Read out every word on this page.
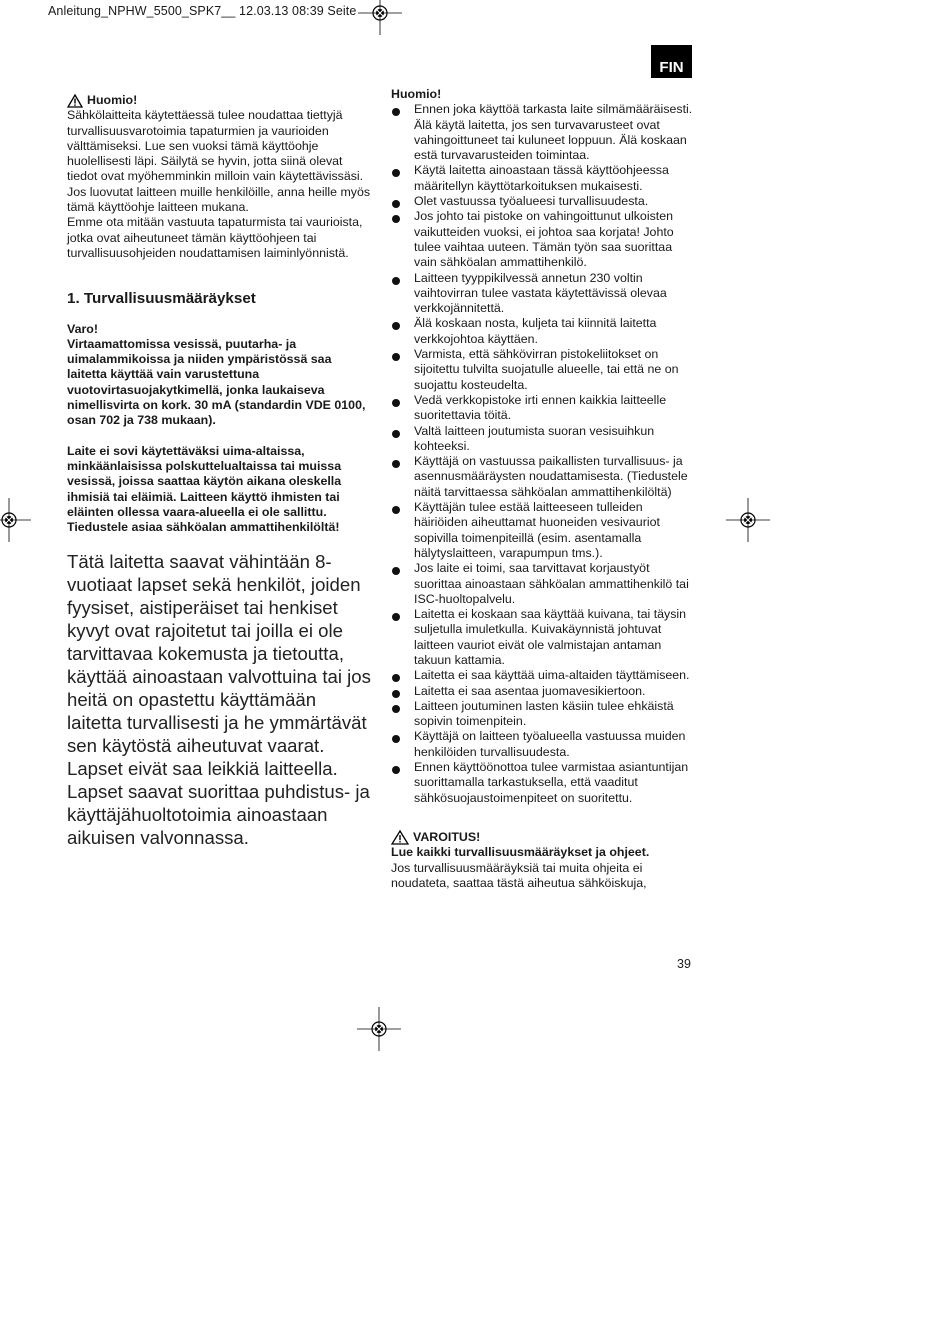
Anleitung_NPHW_5500_SPK7__ 12.03.13 08:39 Seite
FIN
Huomio!

Sähkölaitteita käytettäessä tulee noudattaa tiettyjä turvallisuusvarotoimia tapaturmien ja vaurioiden välttämiseksi. Lue sen vuoksi tämä käyttöohje huolellisesti läpi. Säilytä se hyvin, jotta siinä olevat tiedot ovat myöhemminkin milloin vain käytettävissäsi. Jos luovutat laitteen muille henkilöille, anna heille myös tämä käyttöohje laitteen mukana.

Emme ota mitään vastuuta tapaturmista tai vaurioista, jotka ovat aiheutuneet tämän käyttöohjeen tai turvallisuusohjeiden noudattamisen laiminlyönnistä.

1. Turvallisuusmääräykset

Varo!

Virtaamattomissa vesissä, puutarha- ja uimalammikoissa ja niiden ympäristössä saa laitetta käyttää vain varustettuna vuotovirtasuojakytkimellä, jonka laukaiseva nimellisvirta on kork. 30 mA (standardin VDE 0100, osan 702 ja 738 mukaan).

Laite ei sovi käytettäväksi uima-altaissa, minkäänlaisissa polskuttelualtaissa tai muissa vesissä, joissa saattaa käytön aikana oleskella ihmisiä tai eläimiä. Laitteen käyttö ihmisten tai eläinten ollessa vaara-alueella ei ole sallittu. Tiedustele asiaa sähköalan ammattihenkilöltä!

Tätä laitetta saavat vähintään 8-vuotiaat lapset sekä henkilöt, joiden fyysiset, aistiperäiset tai henkiset kyvyt ovat rajoitetut tai joilla ei ole tarvittavaa kokemusta ja tietoutta, käyttää ainoastaan valvottuina tai jos heitä on opastettu käyttämään laitetta turvallisesti ja he ymmärtävät sen käytöstä aiheutuvat vaarat. Lapset eivät saa leikkiä laitteella. Lapset saavat suorittaa puhdistus- ja käyttäjähuoltotoimia ainoastaan aikuisen valvonnassa.

Huomio!

Ennen joka käyttöä tarkasta laite silmämääräisesti. Älä käytä laitetta, jos sen turvavarusteet ovat vahingoittuneet tai kuluneet loppuun. Älä koskaan estä turvavarusteiden toimintaa.
Käytä laitetta ainoastaan tässä käyttöohjeessa määritellyn käyttötarkoituksen mukaisesti.
Olet vastuussa työalueesi turvallisuudesta.
Jos johto tai pistoke on vahingoittunut ulkoisten vaikutteiden vuoksi, ei johtoa saa korjata! Johto tulee vaihtaa uuteen. Tämän työn saa suorittaa vain sähköalan ammattihenkilö.
Laitteen tyyppikilvessä annetun 230 voltin vaihtovirran tulee vastata käytettävissä olevaa verkkojännitettä.
Älä koskaan nosta, kuljeta tai kiinnitä laitetta verkkojohtoa käyttäen.
Varmista, että sähkövirran pistokeliitokset on sijoitettu tulvilta suojatulle alueelle, tai että ne on suojattu kosteudelta.
Vedä verkkopistoke irti ennen kaikkia laitteelle suoritettavia töitä.
Valtä laitteen joutumista suoran vesisuihkun kohteeksi.
Käyttäjä on vastuussa paikallisten turvallisuus- ja asennusmääräysten noudattamisesta. (Tiedustele näitä tarvittaessa sähköalan ammattihenkilöltä)
Käyttäjän tulee estää laitteeseen tulleiden häiriöiden aiheuttamat huoneiden vesivauriot sopivilla toimenpiteillä (esim. asentamalla hälytyslaitteen, varapumpun tms.).
Jos laite ei toimi, saa tarvittavat korjaustyöt suorittaa ainoastaan sähköalan ammattihenkilö tai ISC-huoltopalvelu.
Laitetta ei koskaan saa käyttää kuivana, tai täysin suljetulla imuletkulla. Kuivakäynnistä johtuvat laitteen vauriot eivät ole valmistajan antaman takuun kattamia.
Laitetta ei saa käyttää uima-altaiden täyttämiseen.
Laitetta ei saa asentaa juomavesikiertoon.
Laitteen joutuminen lasten käsiin tulee ehkäistä sopivin toimenpitein.
Käyttäjä on laitteen työalueella vastuussa muiden henkilöiden turvallisuudesta.
Ennen käyttöönottoa tulee varmistaa asiantuntijan suorittamalla tarkastuksella, että vaaditut sähkösuojaustoimenpiteet on suoritettu.
VAROITUS!

Lue kaikki turvallisuusmääräykset ja ohjeet.

Jos turvallisuusmääräyksiä tai muita ohjeita ei noudateta, saattaa tästä aiheutua sähköiskuja,

39
